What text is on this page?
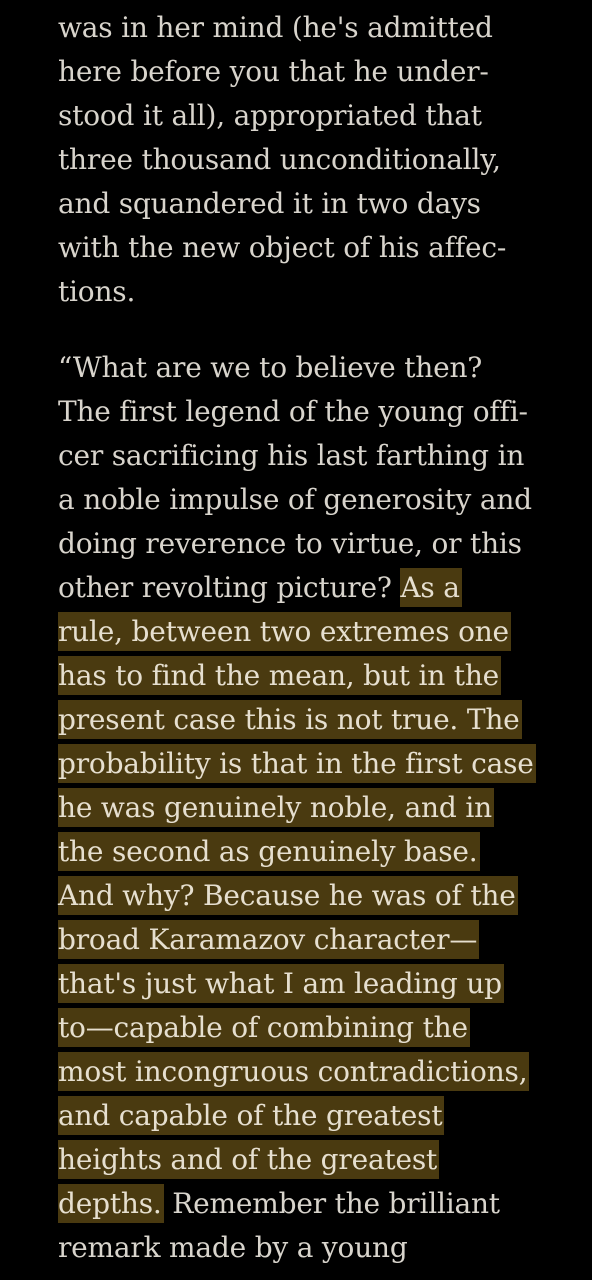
was in her mind (he's admitted
here before you that he under-
stood it all), appropriated that
three thousand unconditionally,
and squandered it in two days
with the new object of his affec-
tions.
“What are we to believe then?
The first legend of the young offi-
cer sacrificing his last farthing in
a noble impulse of generosity and
doing reverence to virtue, or this
other revolting picture? As a
rule, between two extremes one
has to find the mean, but in the
present case this is not true. The
probability is that in the first case
he was genuinely noble, and in
the second as genuinely base.
And why? Because he was of the
broad Karamazov character—
that's just what I am leading up
to—capable of combining the
most incongruous contradictions,
and capable of the greatest
heights and of the greatest
depths. Remember the brilliant
remark made by a young
